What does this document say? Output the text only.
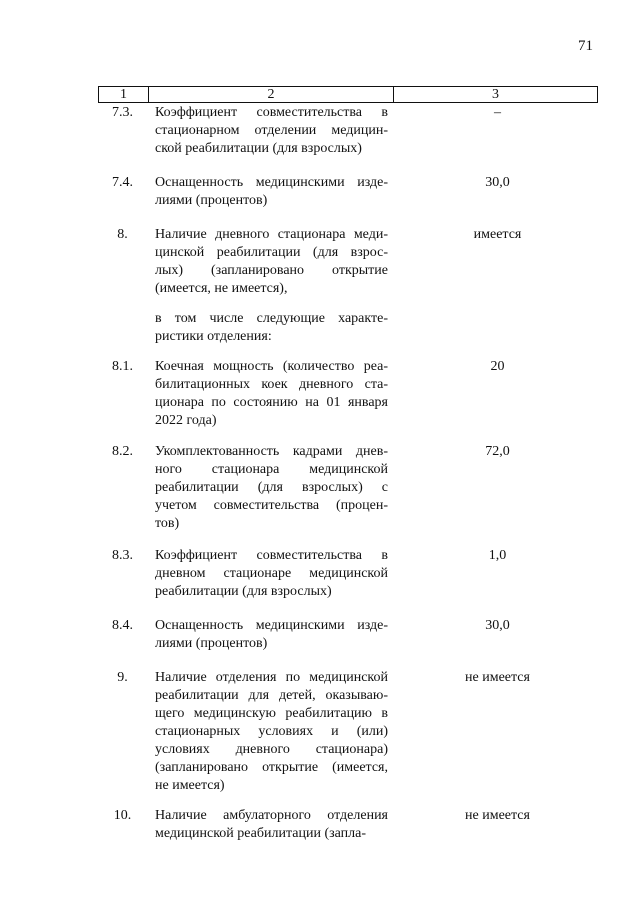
71
1	2	3
7.3.	Коэффициент совместительства в
стационарном отделении медицин-
ской реабилитации (для взрослых)
–
7.4.	Оснащенность медицинскими изде-
лиями (процентов)
30,0
8.	Наличие дневного стационара меди-
цинской реабилитации (для взрос-
лых) (запланировано открытие
(имеется, не имеется),
имеется
в том числе следующие характе-
ристики отделения:
8.1.	Коечная мощность (количество реа-
билитационных коек дневного ста-
ционара по состоянию на 01 января
2022 года)
20
8.2.	Укомплектованность кадрами днев-
ного стационара медицинской
реабилитации (для взрослых) с
учетом совместительства (процен-
тов)
72,0
8.3.	Коэффициент совместительства в
дневном стационаре медицинской
реабилитации (для взрослых)
1,0
8.4.	Оснащенность медицинскими изде-
лиями (процентов)
30,0
9.	Наличие отделения по медицинской
реабилитации для детей, оказываю-
щего медицинскую реабилитацию в
стационарных условиях и (или)
условиях дневного стационара)
(запланировано открытие (имеется,
не имеется)
не имеется
10.	Наличие амбулаторного отделения
медицинской реабилитации (запла-
не имеется
